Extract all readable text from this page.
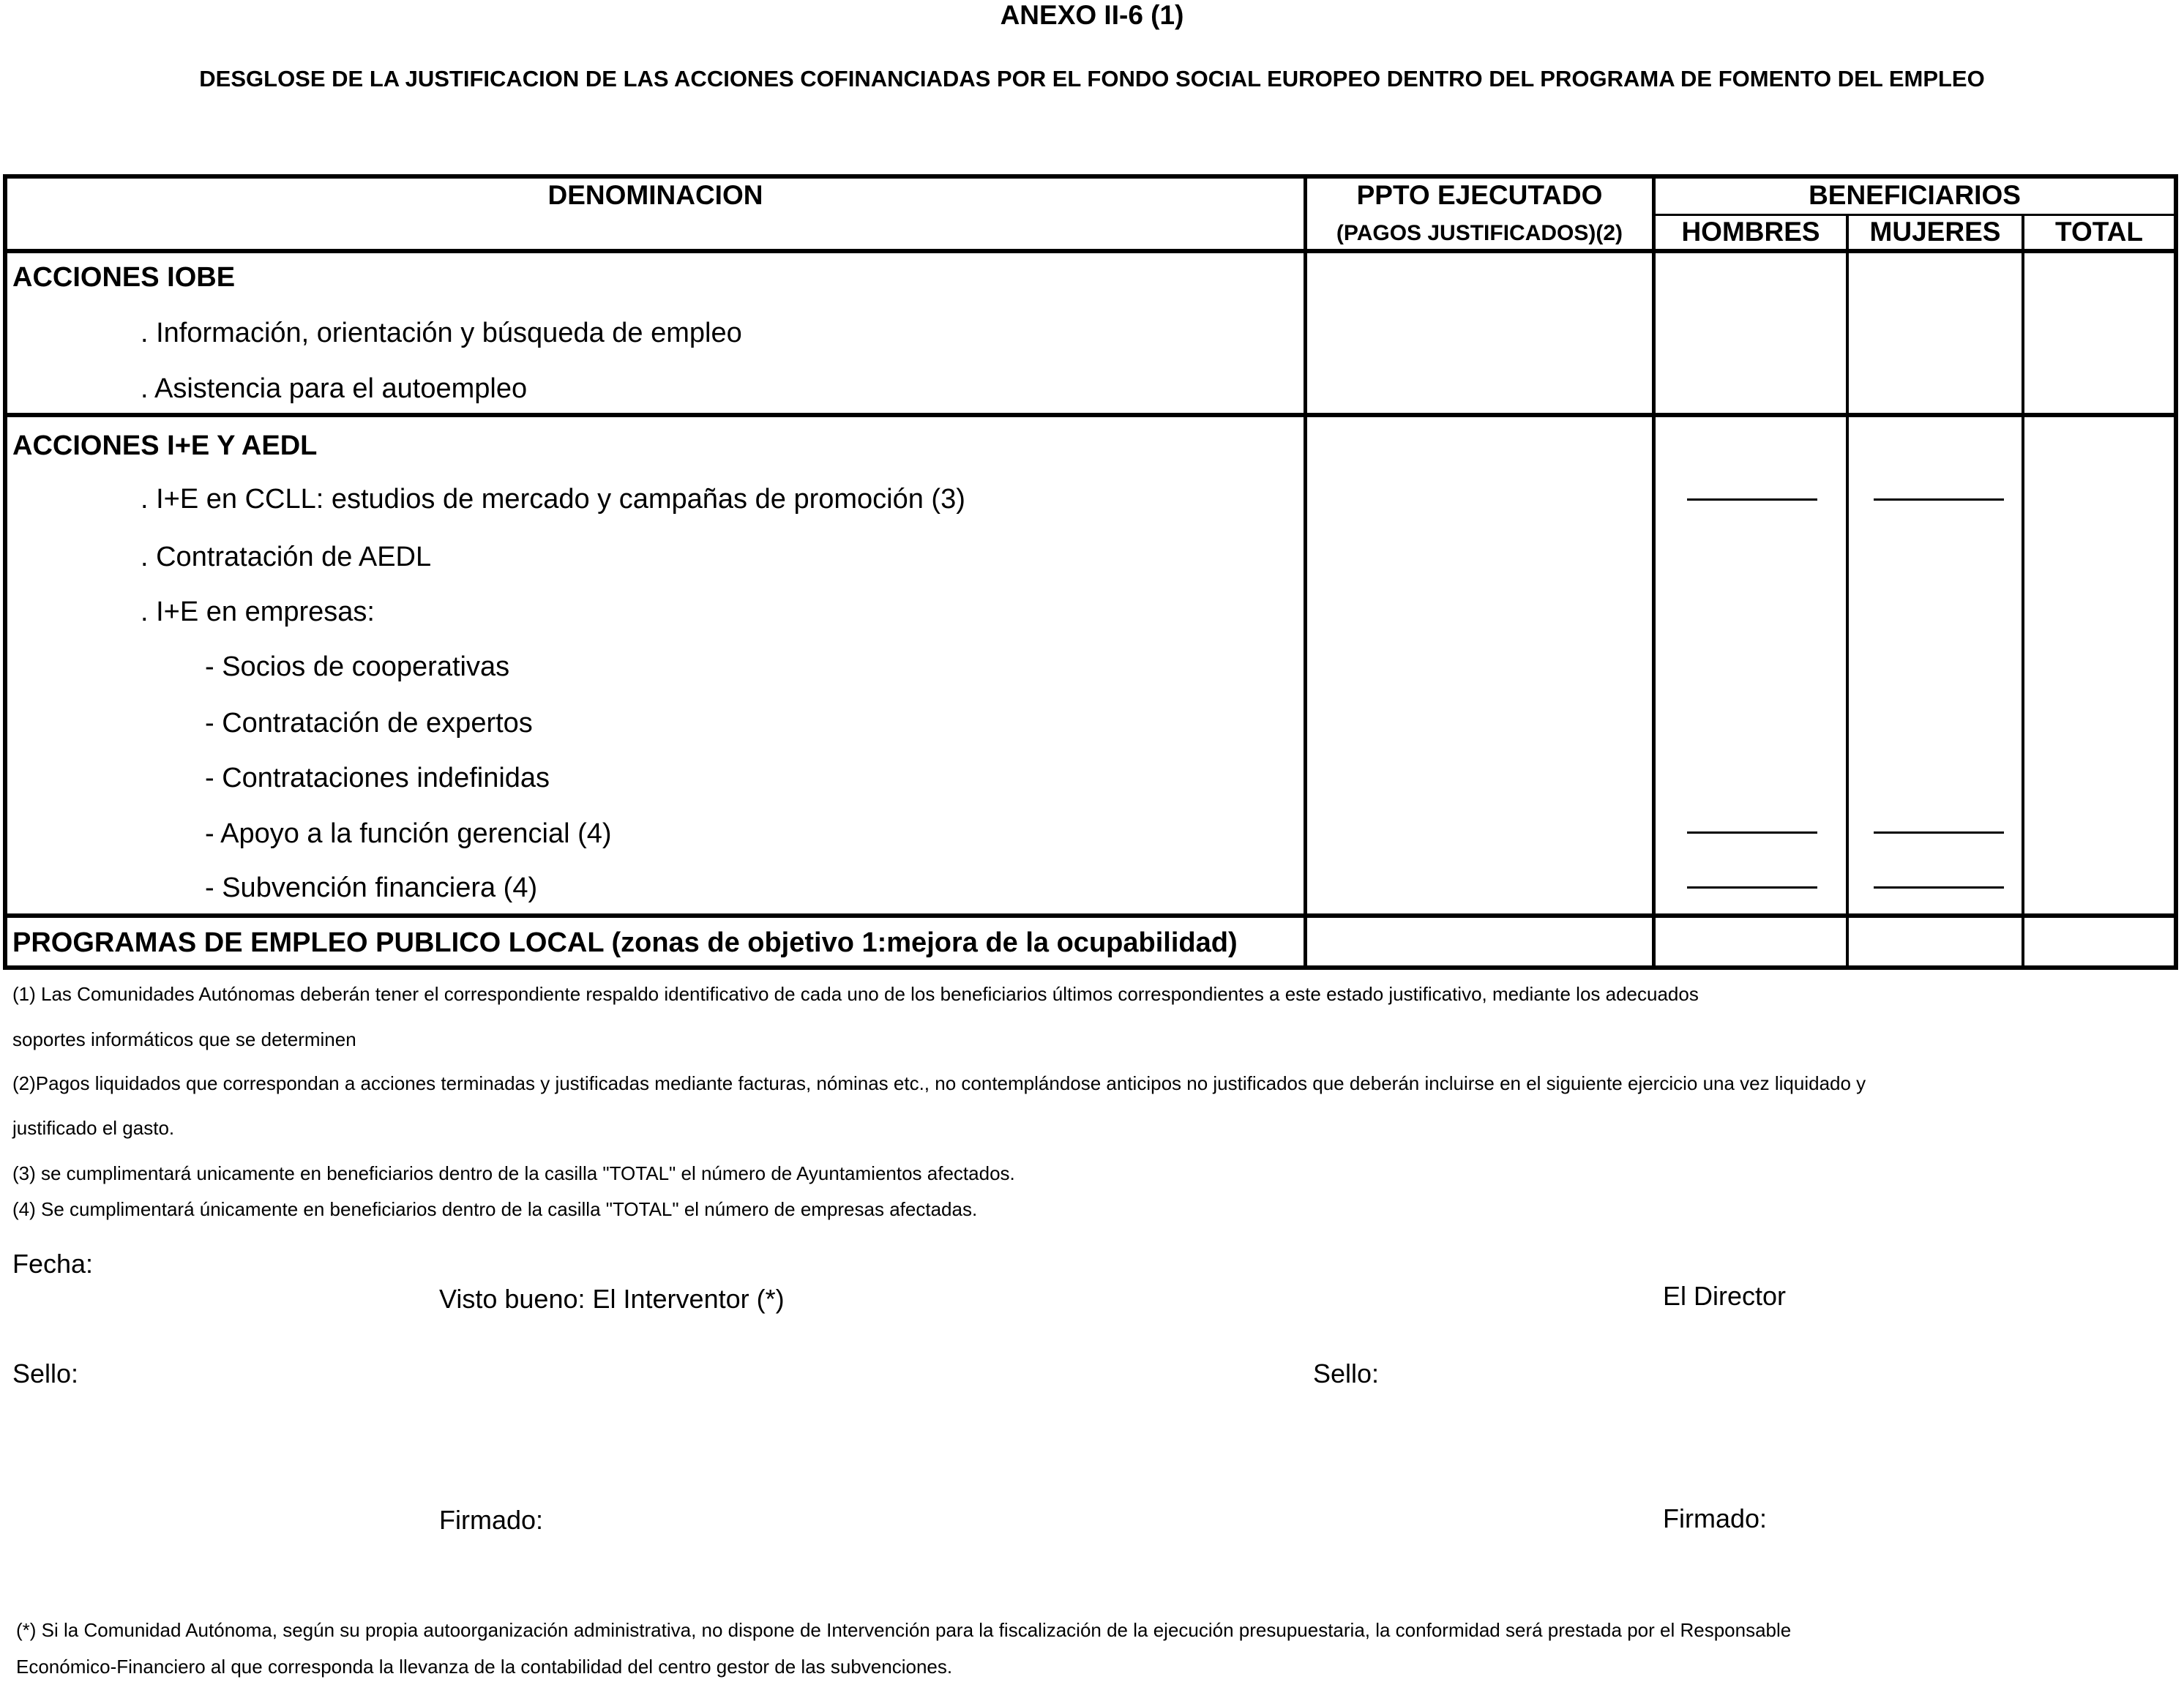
ANEXO II-6 (1)
DESGLOSE DE LA JUSTIFICACION DE LAS ACCIONES COFINANCIADAS POR EL FONDO SOCIAL EUROPEO DENTRO DEL PROGRAMA DE FOMENTO DEL EMPLEO
DENOMINACION	PPTO EJECUTADO
(PAGOS JUSTIFICADOS)(2)
BENEFICIARIOS
HOMBRES	MUJERES	TOTAL
ACCIONES IOBE
. Información, orientación y búsqueda de empleo
. Asistencia para el autoempleo
ACCIONES I+E Y AEDL
. I+E en CCLL: estudios de mercado y campañas de promoción (3)
. Contratación de AEDL
. I+E en empresas:
- Socios de cooperativas
- Contratación de expertos
- Contrataciones indefinidas
- Apoyo a la función gerencial (4)
- Subvención financiera (4)
PROGRAMAS DE EMPLEO PUBLICO LOCAL (zonas de objetivo 1:mejora de la ocupabilidad)
(1) Las Comunidades Autónomas deberán tener el correspondiente respaldo identificativo de cada uno de los beneficiarios últimos correspondientes a este estado justificativo, mediante los adecuados
soportes informáticos que se determinen
(2)Pagos liquidados que correspondan a acciones terminadas y justificadas mediante facturas, nóminas etc., no contemplándose anticipos no justificados que deberán incluirse en el siguiente ejercicio una vez liquidado y
justificado el gasto.
(3) se cumplimentará unicamente en beneficiarios dentro de la casilla "TOTAL" el número de Ayuntamientos afectados.
(4) Se cumplimentará únicamente en beneficiarios dentro de la casilla "TOTAL" el número de empresas afectadas.
Fecha:
Visto bueno: El Interventor (*)	El Director
Sello:	Sello:
Firmado:	Firmado:
(*) Si la Comunidad Autónoma, según su propia autoorganización administrativa, no dispone de Intervención para la fiscalización de la ejecución presupuestaria, la conformidad será prestada por el Responsable
Económico-Financiero al que corresponda la llevanza de la contabilidad del centro gestor de las subvenciones.
